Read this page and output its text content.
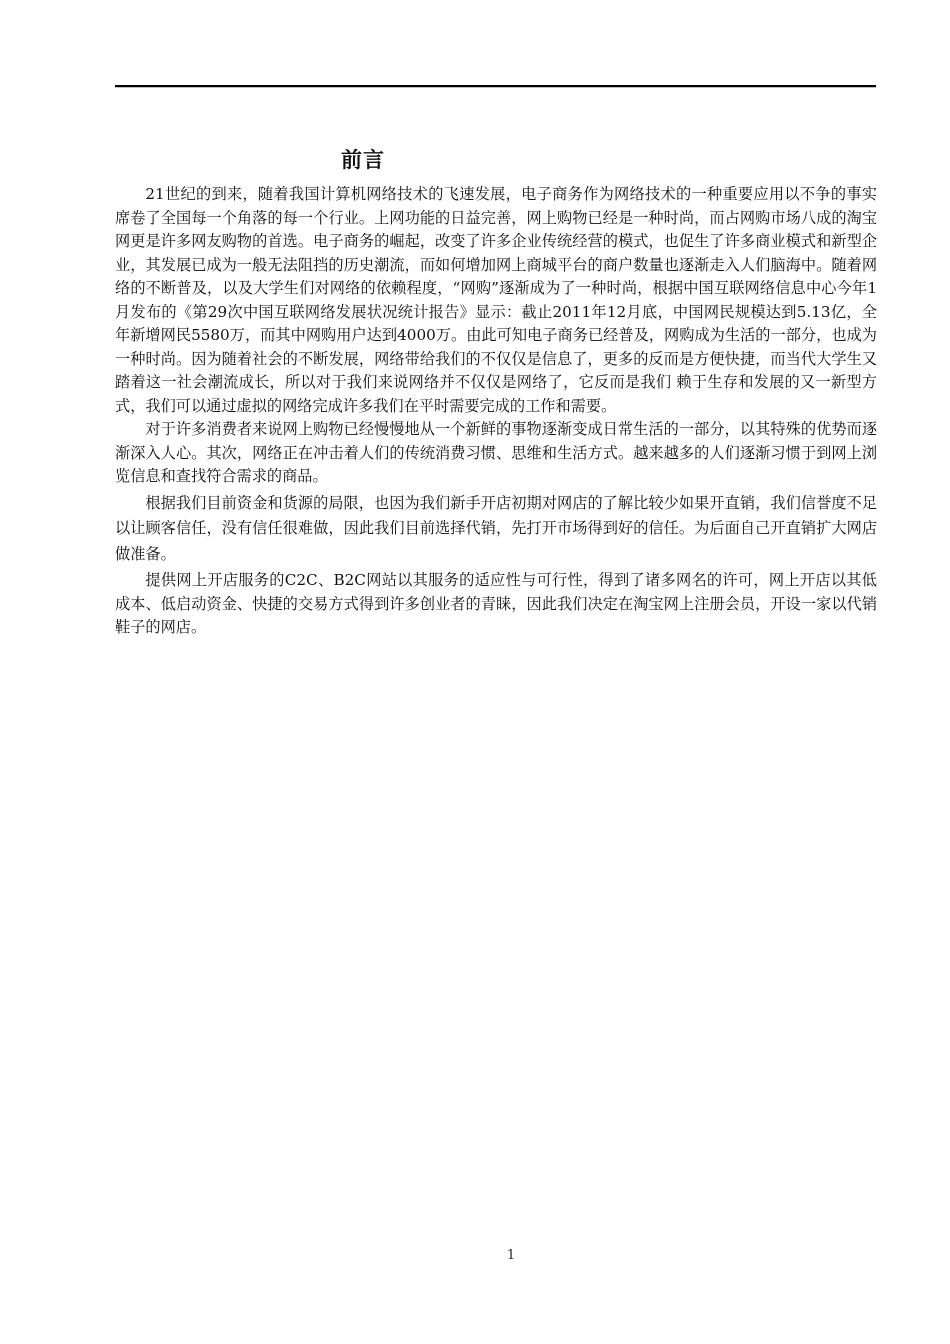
前言

21世纪的到来，随着我国计算机网络技术的飞速发展，电子商务作为网络技术的一种重要应用以不争的事实席卷了全国每一个角落的每一个行业。上网功能的日益完善，网上购物已经是一种时尚，而占网购市场八成的淘宝网更是许多网友购物的首选。电子商务的崛起，改变了许多企业传统经营的模式，也促生了许多商业模式和新型企业，其发展已成为一般无法阻挡的历史潮流，而如何增加网上商城平台的商户数量也逐渐走入人们脑海中。随着网络的不断普及，以及大学生们对网络的依赖程度，“网购”逐渐成为了一种时尚，根据中国互联网络信息中心今年1月发布的《第29次中国互联网络发展状况统计报告》显示：截止2011年12月底，中国网民规模达到5.13亿，全年新增网民5580万，而其中网购用户达到4000万。由此可知电子商务已经普及，网购成为生活的一部分，也成为一种时尚。因为随着社会的不断发展，网络带给我们的不仅仅是信息了，更多的反而是方便快捷，而当代大学生又踏着这一社会潮流成长，所以对于我们来说网络并不仅仅是网络了，它反而是我们 赖于生存和发展的又一新型方式，我们可以通过虚拟的网络完成许多我们在平时需要完成的工作和需要。

对于许多消费者来说网上购物已经慢慢地从一个新鲜的事物逐渐变成日常生活的一部分，以其特殊的优势而逐渐深入人心。其次，网络正在冲击着人们的传统消费习惯、思维和生活方式。越来越多的人们逐渐习惯于到网上浏览信息和查找符合需求的商品。

根据我们目前资金和货源的局限，也因为我们新手开店初期对网店的了解比较少如果开直销，我们信誉度不足以让顾客信任，没有信任很难做，因此我们目前选择代销，先打开市场得到好的信任。为后面自己开直销扩大网店做准备。

提供网上开店服务的C2C、B2C网站以其服务的适应性与可行性，得到了诸多网名的许可，网上开店以其低成本、低启动资金、快捷的交易方式得到许多创业者的青睐，因此我们决定在淘宝网上注册会员，开设一家以代销鞋子的网店。

1
